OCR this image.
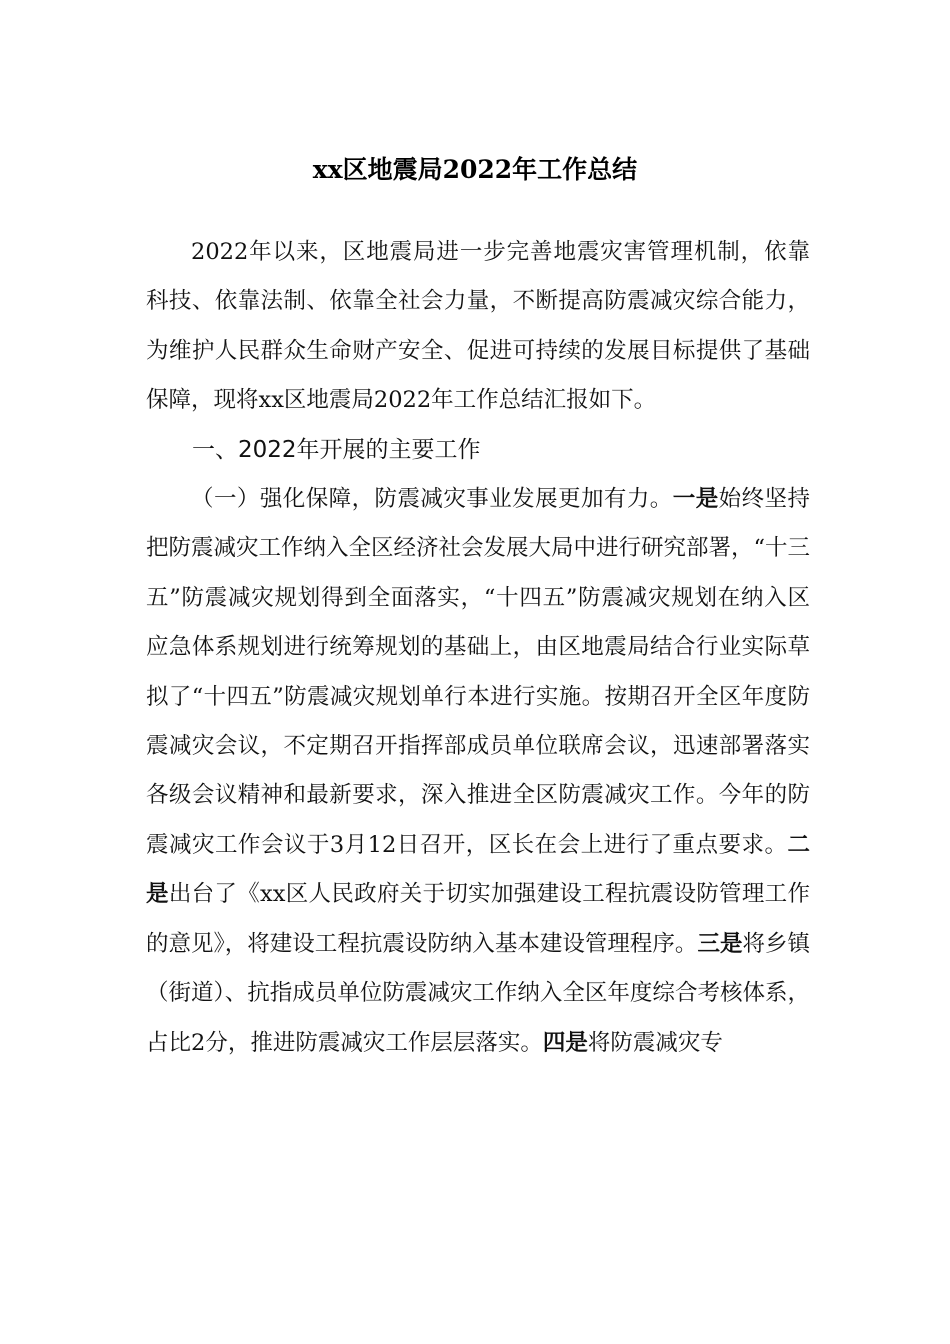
xx区地震局2022年工作总结

2022年以来，区地震局进一步完善地震灾害管理机制，依靠科技、依靠法制、依靠全社会力量，不断提高防震减灾综合能力，为维护人民群众生命财产安全、促进可持续的发展目标提供了基础保障，现将xx区地震局2022年工作总结汇报如下。

一、2022年开展的主要工作

（一）强化保障，防震减灾事业发展更加有力。一是始终坚持把防震减灾工作纳入全区经济社会发展大局中进行研究部署，“十三五”防震减灾规划得到全面落实，“十四五”防震减灾规划在纳入区应急体系规划进行统筹规划的基础上，由区地震局结合行业实际草拟了“十四五”防震减灾规划单行本进行实施。按期召开全区年度防震减灾会议，不定期召开指挥部成员单位联席会议，迅速部署落实各级会议精神和最新要求，深入推进全区防震减灾工作。今年的防震减灾工作会议于3月12日召开，区长在会上进行了重点要求。二是出台了《xx区人民政府关于切实加强建设工程抗震设防管理工作的意见》，将建设工程抗震设防纳入基本建设管理程序。三是将乡镇（街道）、抗指成员单位防震减灾工作纳入全区年度综合考核体系，占比2分，推进防震减灾工作层层落实。四是将防震减灾专
